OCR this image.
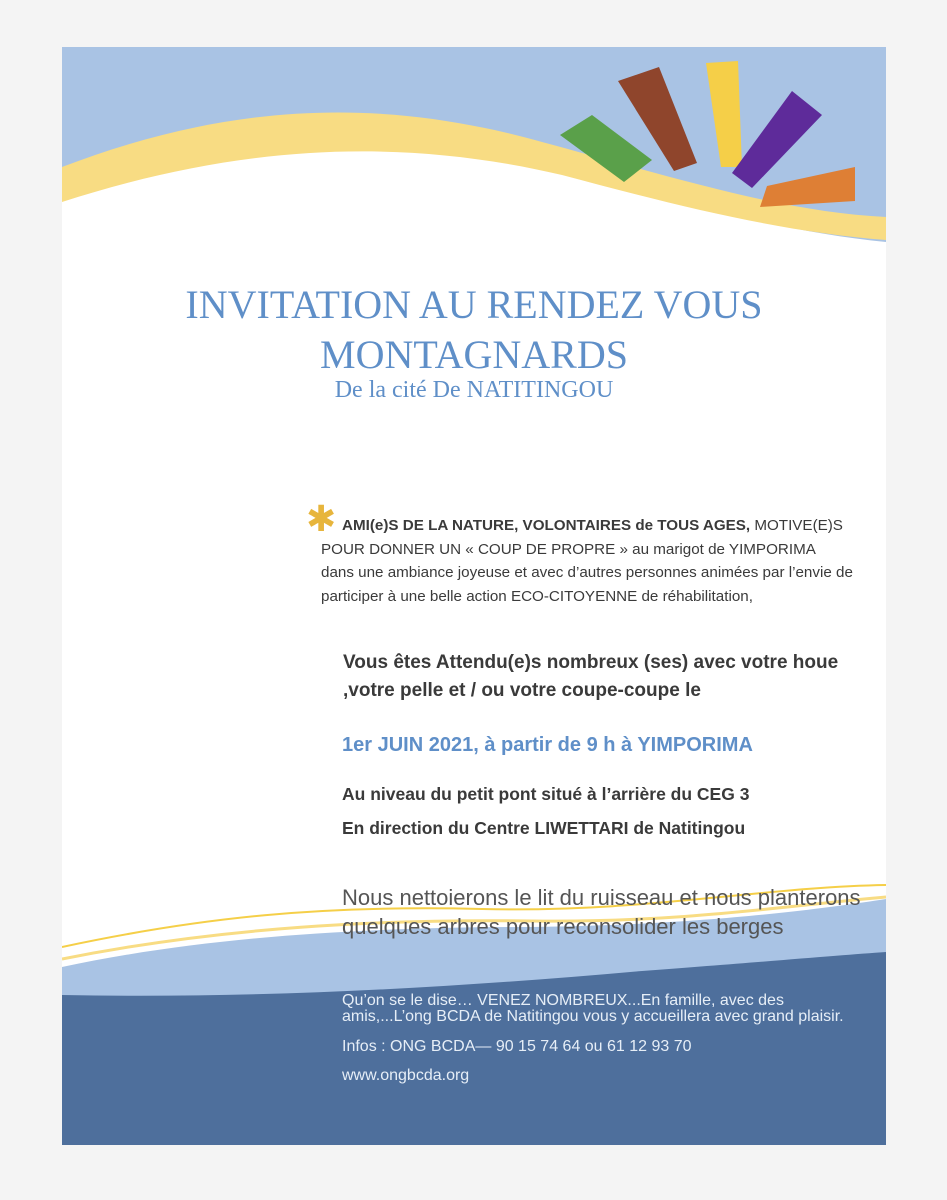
INVITATION AU RENDEZ VOUS
MONTAGNARDS
De la cité De NATITINGOU
✱ AMI(e)S DE LA NATURE, VOLONTAIRES de TOUS AGES, MOTIVE(E)S
POUR DONNER UN « COUP DE PROPRE » au marigot de YIMPORIMA
dans une ambiance joyeuse et avec d’autres personnes animées par l’envie de participer à une belle action ECO-CITOYENNE de réhabilitation,
Vous êtes Attendu(e)s nombreux (ses) avec votre houe ,votre pelle et / ou votre coupe-coupe le
1er JUIN 2021, à partir de 9 h à YIMPORIMA
Au niveau du petit pont situé à l’arrière du CEG 3
En direction du Centre LIWETTARI de Natitingou
Nous nettoierons le lit du ruisseau et nous planterons quelques arbres pour reconsolider les berges
Qu’on se le dise… VENEZ NOMBREUX...En famille, avec des amis,...L’ong BCDA de Natitingou vous y accueillera avec grand plaisir.
Infos : ONG BCDA— 90 15 74 64 ou 61 12 93 70
www.ongbcda.org
